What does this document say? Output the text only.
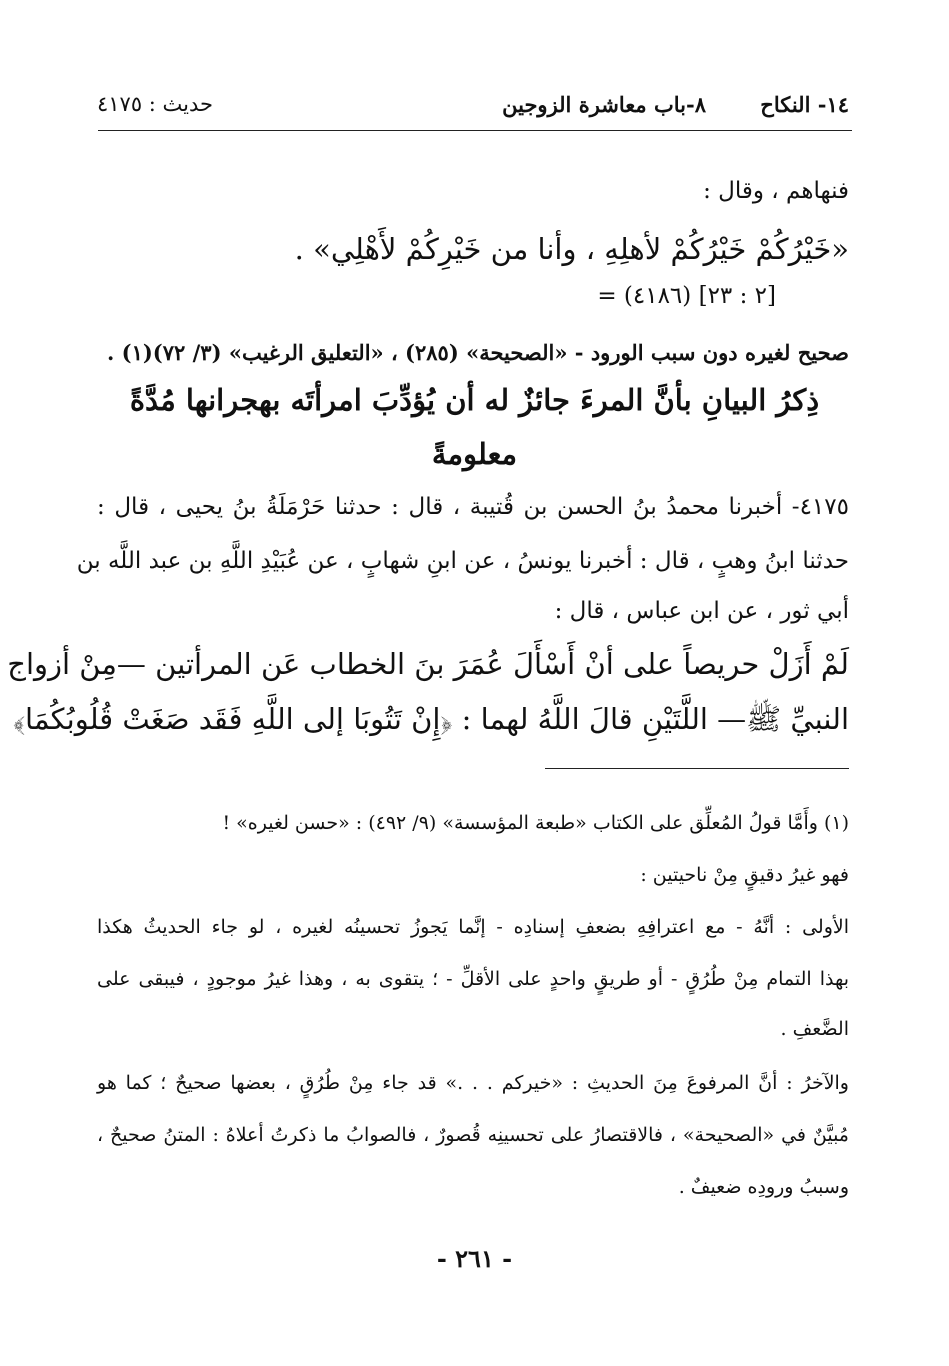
١٤- النكاح
٨-باب معاشرة الزوجين
حديث : ٤١٧٥
فنهاهم ، وقال :
«خَيْرُكُمْ خَيْرُكُمْ لأهلِهِ ، وأنا من خَيْرِكُمْ لأَهْلِي» .
= (٤١٨٦) [٢ : ٢٣]
صحيح لغيره دون سبب الورود - «الصحيحة» (٢٨٥) ، «التعليق الرغيب» (٣/ ٧٢)(١) .
ذِكرُ البيانِ بأنَّ المرءَ جائزٌ له أن يُؤدِّبَ امرأتَه بهجرانها مُدَّةً
معلومةً
٤١٧٥- أخبرنا محمدُ بنُ الحسن بن قُتيبة ، قال : حدثنا حَرْمَلَةُ بنُ يحيى ، قال :
حدثنا ابنُ وهبٍ ، قال : أخبرنا يونسُ ، عن ابنِ شهابٍ ، عن عُبَيْدِ اللَّهِ بن عبد اللَّه بن
أبي ثور ، عن ابن عباس ، قال :
لَمْ أَزَلْ حريصاً على أنْ أَسْأَلَ عُمَرَ بنَ الخطاب عَن المرأتين —مِنْ أزواج
النبيِّ ﷺ— اللَّتَيْنِ قالَ اللَّهُ لهما : ﴿إِنْ تَتُوبَا إلى اللَّهِ فَقَد صَغَتْ قُلُوبُكُمَا﴾
(١) وأَمَّا قولُ المُعلِّق على الكتاب «طبعة المؤسسة» (٩/ ٤٩٢) : «حسن لغيره» !
فهو غيرُ دقيقٍ مِنْ ناحيتين :
الأولى : أنَّهُ - مع اعترافِهِ بضعفِ إسنادِه - إنَّما يَجوزُ تحسينُه لغيره ، لو جاء الحديثُ هكذا
بهذا التمام مِنْ طُرُقٍ - أو طريقٍ واحدٍ على الأقلِّ - ؛ يتقوى به ، وهذا غيرُ موجودٍ ، فيبقى على
الضَّعفِ .
والآخرُ : أنَّ المرفوعَ مِنَ الحديثِ : «خيركم . . .» قد جاء مِنْ طُرُقٍ ، بعضها صحيحٌ ؛ كما هو
مُبيَّنٌ في «الصحيحة» ، فالاقتصارُ على تحسينِه قُصورٌ ، فالصوابُ ما ذكرتُ أعلاهُ : المتنُ صحيحٌ ،
وسببُ ورودِه ضعيفٌ .
- ٢٦١ -
